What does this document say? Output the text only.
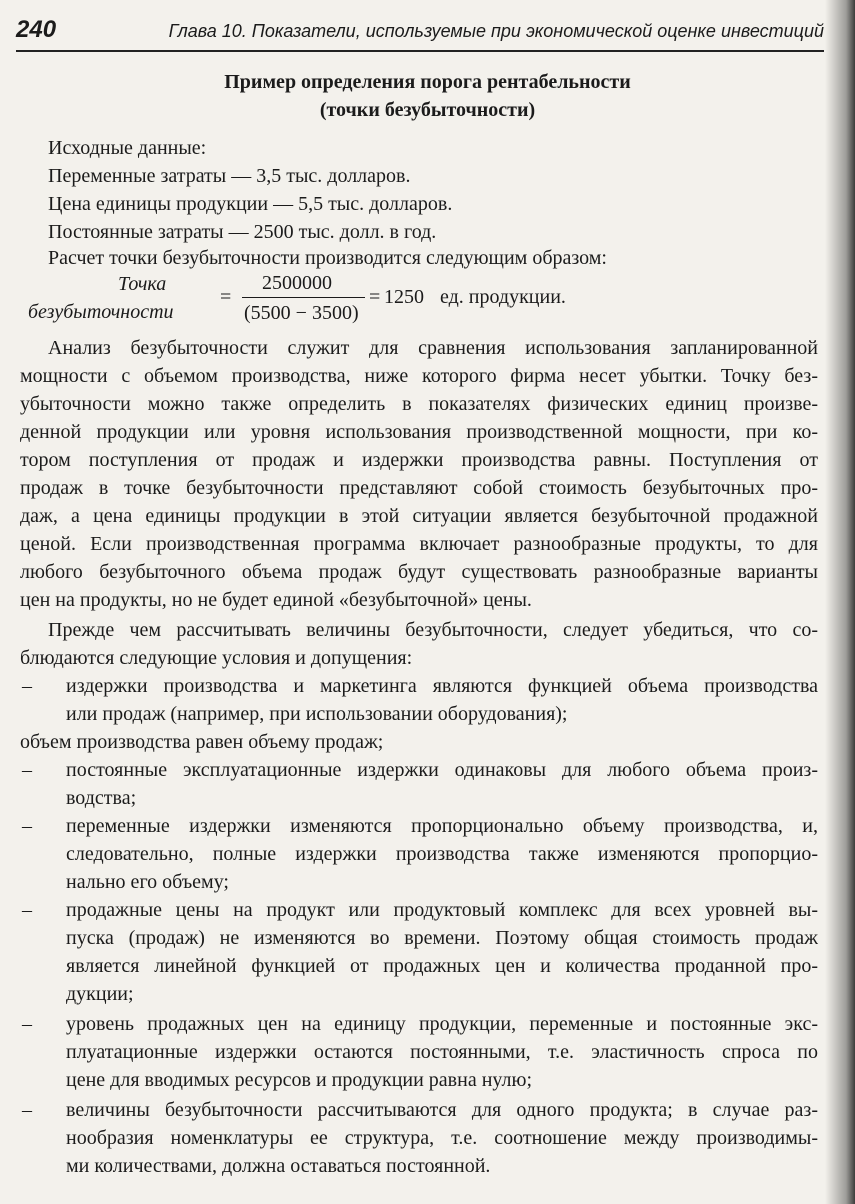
240	Глава 10. Показатели, используемые при экономической оценке инвестиций
Пример определения порога рентабельности
(точки безубыточности)
Исходные данные:
Переменные затраты — 3,5 тыс. долларов.
Цена единицы продукции — 5,5 тыс. долларов.
Постоянные затраты — 2500 тыс. долл. в год.
Расчет точки безубыточности производится следующим образом:
Точка
безубыточности
=
2500000
(5500 − 3500)
= 1250 ед. продукции.
Анализ безубыточности служит для сравнения использования запланированной
мощности с объемом производства, ниже которого фирма несет убытки. Точку без-
убыточности можно также определить в показателях физических единиц произве-
денной продукции или уровня использования производственной мощности, при ко-
тором поступления от продаж и издержки производства равны. Поступления от
продаж в точке безубыточности представляют собой стоимость безубыточных про-
даж, а цена единицы продукции в этой ситуации является безубыточной продажной
ценой. Если производственная программа включает разнообразные продукты, то для
любого безубыточного объема продаж будут существовать разнообразные варианты
цен на продукты, но не будет единой «безубыточной» цены.
Прежде чем рассчитывать величины безубыточности, следует убедиться, что со-
блюдаются следующие условия и допущения:
– издержки производства и маркетинга являются функцией объема производства
или продаж (например, при использовании оборудования);
объем производства равен объему продаж;
– постоянные эксплуатационные издержки одинаковы для любого объема произ-
водства;
– переменные издержки изменяются пропорционально объему производства, и,
следовательно, полные издержки производства также изменяются пропорцио-
нально его объему;
– продажные цены на продукт или продуктовый комплекс для всех уровней вы-
пуска (продаж) не изменяются во времени. Поэтому общая стоимость продаж
является линейной функцией от продажных цен и количества проданной про-
дукции;
– уровень продажных цен на единицу продукции, переменные и постоянные экс-
плуатационные издержки остаются постоянными, т.е. эластичность спроса по
цене для вводимых ресурсов и продукции равна нулю;
– величины безубыточности рассчитываются для одного продукта; в случае раз-
нообразия номенклатуры ее структура, т.е. соотношение между производимы-
ми количествами, должна оставаться постоянной.
